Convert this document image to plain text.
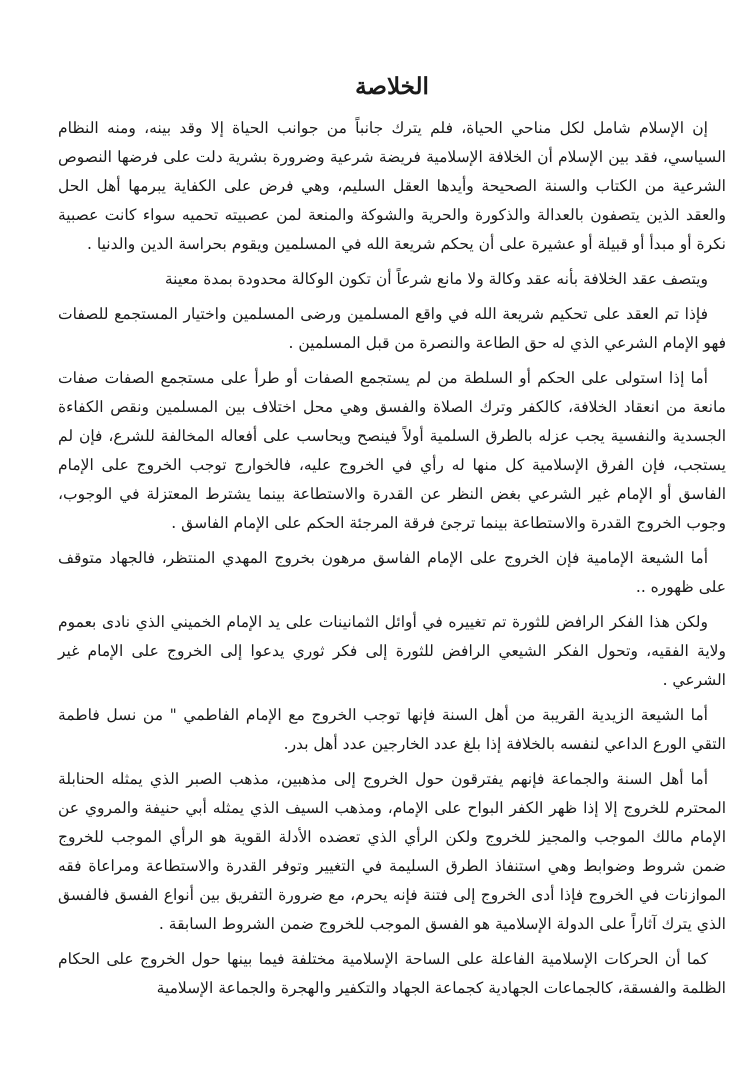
الخلاصة

إن الإسلام شامل لكل مناحي الحياة، فلم يترك جانباً من جوانب الحياة إلا وقد بينه، ومنه النظام السياسي، فقد بين الإسلام أن الخلافة الإسلامية فريضة شرعية وضرورة بشرية دلت على فرضها النصوص الشرعية من الكتاب والسنة الصحيحة وأيدها العقل السليم، وهي فرض على الكفاية يبرمها أهل الحل والعقد الذين يتصفون بالعدالة والذكورة والحرية والشوكة والمنعة لمن عصبيته تحميه سواء كانت عصبية نكرة أو مبدأ أو قبيلة أو عشيرة على أن يحكم شريعة الله في المسلمين ويقوم بحراسة الدين والدنيا .

ويتصف عقد الخلافة بأنه عقد وكالة ولا مانع شرعاً أن تكون الوكالة محدودة بمدة معينة

فإذا تم العقد على تحكيم شريعة الله في واقع المسلمين ورضى المسلمين واختيار المستجمع للصفات فهو الإمام الشرعي الذي له حق الطاعة والنصرة من قبل المسلمين .

أما إذا استولى على الحكم أو السلطة من لم يستجمع الصفات أو طرأ على مستجمع الصفات صفات مانعة من انعقاد الخلافة، كالكفر وترك الصلاة والفسق وهي محل اختلاف بين المسلمين ونقص الكفاءة الجسدية والنفسية يجب عزله بالطرق السلمية أولاً فينصح ويحاسب على أفعاله المخالفة للشرع، فإن لم يستجب، فإن الفرق الإسلامية كل منها له رأي في الخروج عليه، فالخوارج توجب الخروج على الإمام الفاسق أو الإمام غير الشرعي بغض النظر عن القدرة والاستطاعة بينما يشترط المعتزلة في الوجوب، وجوب الخروج القدرة والاستطاعة بينما ترجئ فرقة المرجئة الحكم على الإمام الفاسق .

أما الشيعة الإمامية فإن الخروج على الإمام الفاسق مرهون بخروج المهدي المنتظر، فالجهاد متوقف على ظهوره ..

ولكن هذا الفكر الرافض للثورة تم تغييره في أوائل الثمانينات على يد الإمام الخميني الذي نادى بعموم ولاية الفقيه، وتحول الفكر الشيعي الرافض للثورة إلى فكر ثوري يدعوا إلى الخروج على الإمام غير الشرعي .

أما الشيعة الزيدية القريبة من أهل السنة فإنها توجب الخروج مع الإمام الفاطمي " من نسل فاطمة التقي الورع الداعي لنفسه بالخلافة إذا بلغ عدد الخارجين عدد أهل بدر.

أما أهل السنة والجماعة فإنهم يفترقون حول الخروج إلى مذهبين، مذهب الصبر الذي يمثله الحنابلة المحترم للخروج إلا إذا ظهر الكفر البواح على الإمام، ومذهب السيف الذي يمثله أبي حنيفة والمروي عن الإمام مالك الموجب والمجيز للخروج ولكن الرأي الذي تعضده الأدلة القوية هو الرأي الموجب للخروج ضمن شروط وضوابط وهي استنفاذ الطرق السليمة في التغيير وتوفر القدرة والاستطاعة ومراعاة فقه الموازنات في الخروج فإذا أدى الخروج إلى فتنة فإنه يحرم، مع ضرورة التفريق بين أنواع الفسق فالفسق الذي يترك آثاراً على الدولة الإسلامية هو الفسق الموجب للخروج ضمن الشروط السابقة .

كما أن الحركات الإسلامية الفاعلة على الساحة الإسلامية مختلفة فيما بينها حول الخروج على الحكام الظلمة والفسقة، كالجماعات الجهادية كجماعة الجهاد والتكفير والهجرة والجماعة الإسلامية
